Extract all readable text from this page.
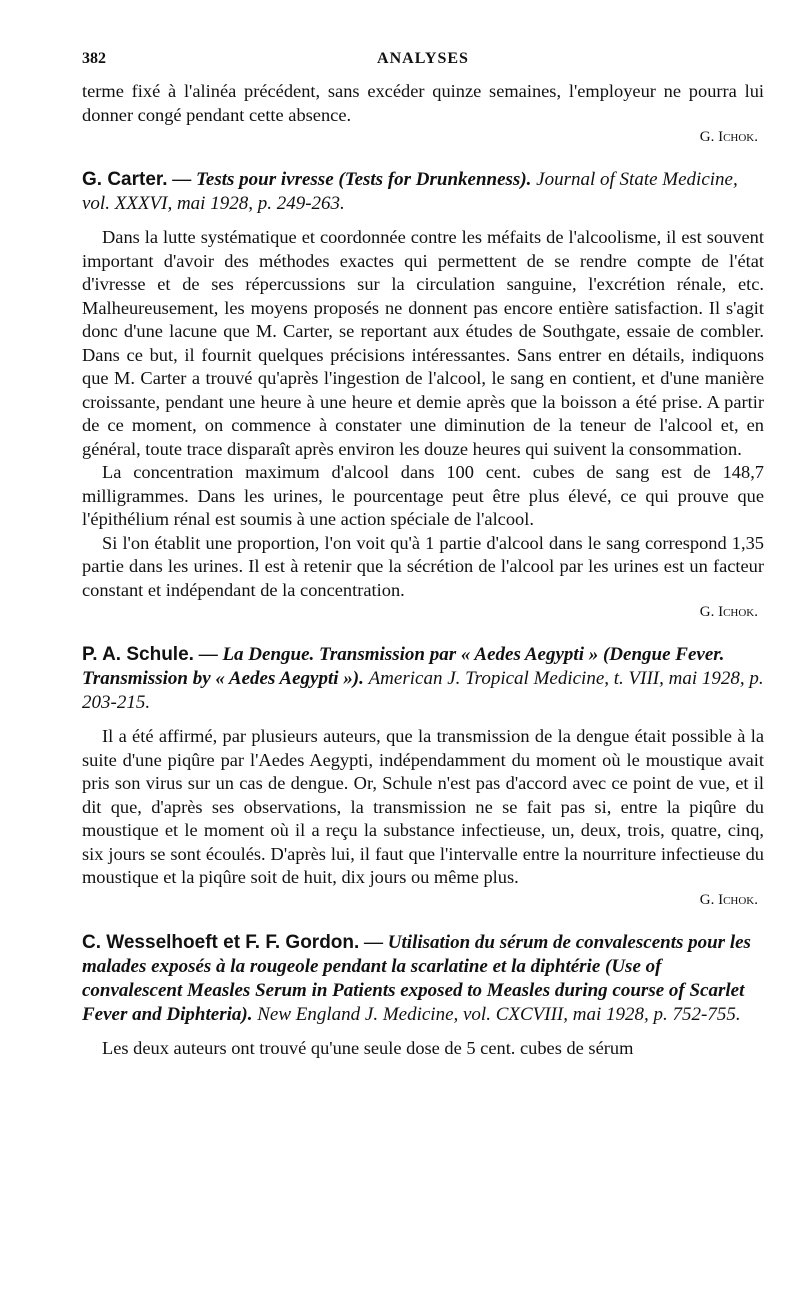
382	ANALYSES

terme fixé à l'alinéa précédent, sans excéder quinze semaines, l'employeur ne pourra lui donner congé pendant cette absence.

G. Ichok.

G. Carter. — Tests pour ivresse (Tests for Drunkenness). Journal of State Medicine, vol. XXXVI, mai 1928, p. 249-263.

Dans la lutte systématique et coordonnée contre les méfaits de l'alcoolisme, il est souvent important d'avoir des méthodes exactes qui permettent de se rendre compte de l'état d'ivresse et de ses répercussions sur la circulation sanguine, l'excrétion rénale, etc. Malheureusement, les moyens proposés ne donnent pas encore entière satisfaction. Il s'agit donc d'une lacune que M. Carter, se reportant aux études de Southgate, essaie de combler. Dans ce but, il fournit quelques précisions intéressantes. Sans entrer en détails, indiquons que M. Carter a trouvé qu'après l'ingestion de l'alcool, le sang en contient, et d'une manière croissante, pendant une heure à une heure et demie après que la boisson a été prise. A partir de ce moment, on commence à constater une diminution de la teneur de l'alcool et, en général, toute trace disparaît après environ les douze heures qui suivent la consommation.

La concentration maximum d'alcool dans 100 cent. cubes de sang est de 148,7 milligrammes. Dans les urines, le pourcentage peut être plus élevé, ce qui prouve que l'épithélium rénal est soumis à une action spéciale de l'alcool.

Si l'on établit une proportion, l'on voit qu'à 1 partie d'alcool dans le sang correspond 1,35 partie dans les urines. Il est à retenir que la sécrétion de l'alcool par les urines est un facteur constant et indépendant de la concentration.

G. Ichok.

P. A. Schule. — La Dengue. Transmission par « Aedes Aegypti » (Dengue Fever. Transmission by « Aedes Aegypti »). American J. Tropical Medicine, t. VIII, mai 1928, p. 203-215.

Il a été affirmé, par plusieurs auteurs, que la transmission de la dengue était possible à la suite d'une piqûre par l'Aedes Aegypti, indépendamment du moment où le moustique avait pris son virus sur un cas de dengue. Or, Schule n'est pas d'accord avec ce point de vue, et il dit que, d'après ses observations, la transmission ne se fait pas si, entre la piqûre du moustique et le moment où il a reçu la substance infectieuse, un, deux, trois, quatre, cinq, six jours se sont écoulés. D'après lui, il faut que l'intervalle entre la nourriture infectieuse du moustique et la piqûre soit de huit, dix jours ou même plus.

G. Ichok.

C. Wesselhoeft et F. F. Gordon. — Utilisation du sérum de convalescents pour les malades exposés à la rougeole pendant la scarlatine et la diphtérie (Use of convalescent Measles Serum in Patients exposed to Measles during course of Scarlet Fever and Diphteria). New England J. Medicine, vol. CXCVIII, mai 1928, p. 752-755.

Les deux auteurs ont trouvé qu'une seule dose de 5 cent. cubes de sérum
